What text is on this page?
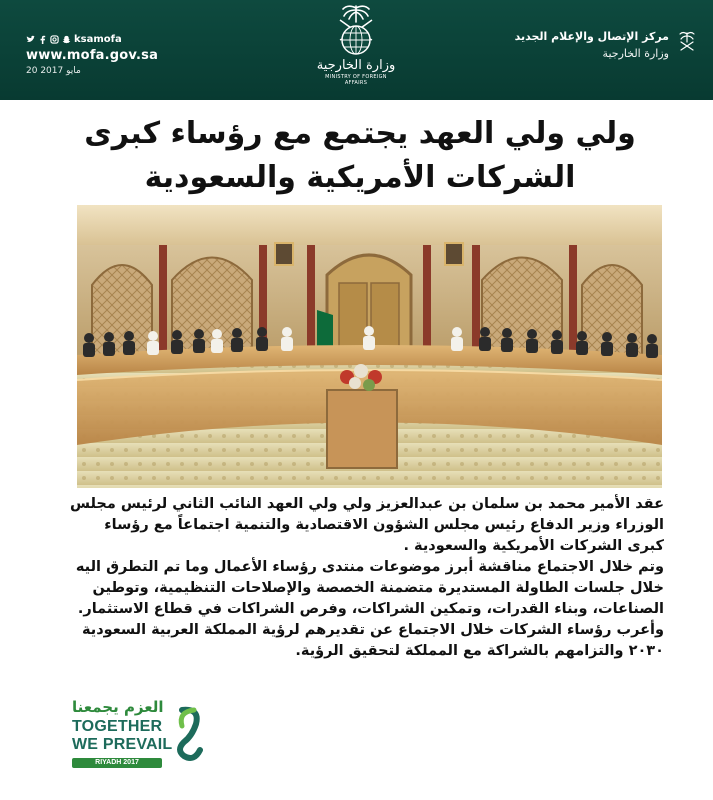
ksamofa
www.mofa.gov.sa
20 مايو 2017	وزارة الخارجية
MINISTRY OF FOREIGN AFFAIRS
مركز الإتصال والإعلام الجديد
وزارة الخارجية
ولي ولي العهد يجتمع مع رؤساء كبرى الشركات الأمريكية والسعودية

عقد الأمير محمد بن سلمان بن عبدالعزيز ولي ولي العهد النائب الثاني لرئيس مجلس الوزراء وزير الدفاع رئيس مجلس الشؤون الاقتصادية والتنمية اجتماعاً مع رؤساء كبرى الشركات الأمريكية والسعودية .

وتم خلال الاجتماع مناقشة أبرز موضوعات منتدى رؤساء الأعمال وما تم التطرق اليه خلال جلسات الطاولة المستديرة متضمنة الخصصة والإصلاحات التنظيمية، وتوطين الصناعات، وبناء القدرات، وتمكين الشراكات، وفرص الشراكات في قطاع الاستثمار.

وأعرب رؤساء الشركات خلال الاجتماع عن تقديرهم لرؤية المملكة العربية السعودية ٢٠٣٠ والتزامهم بالشراكة مع المملكة لتحقيق الرؤية.

العزم يجمعنا
TOGETHER
WE PREVAIL
RIYADH 2017
